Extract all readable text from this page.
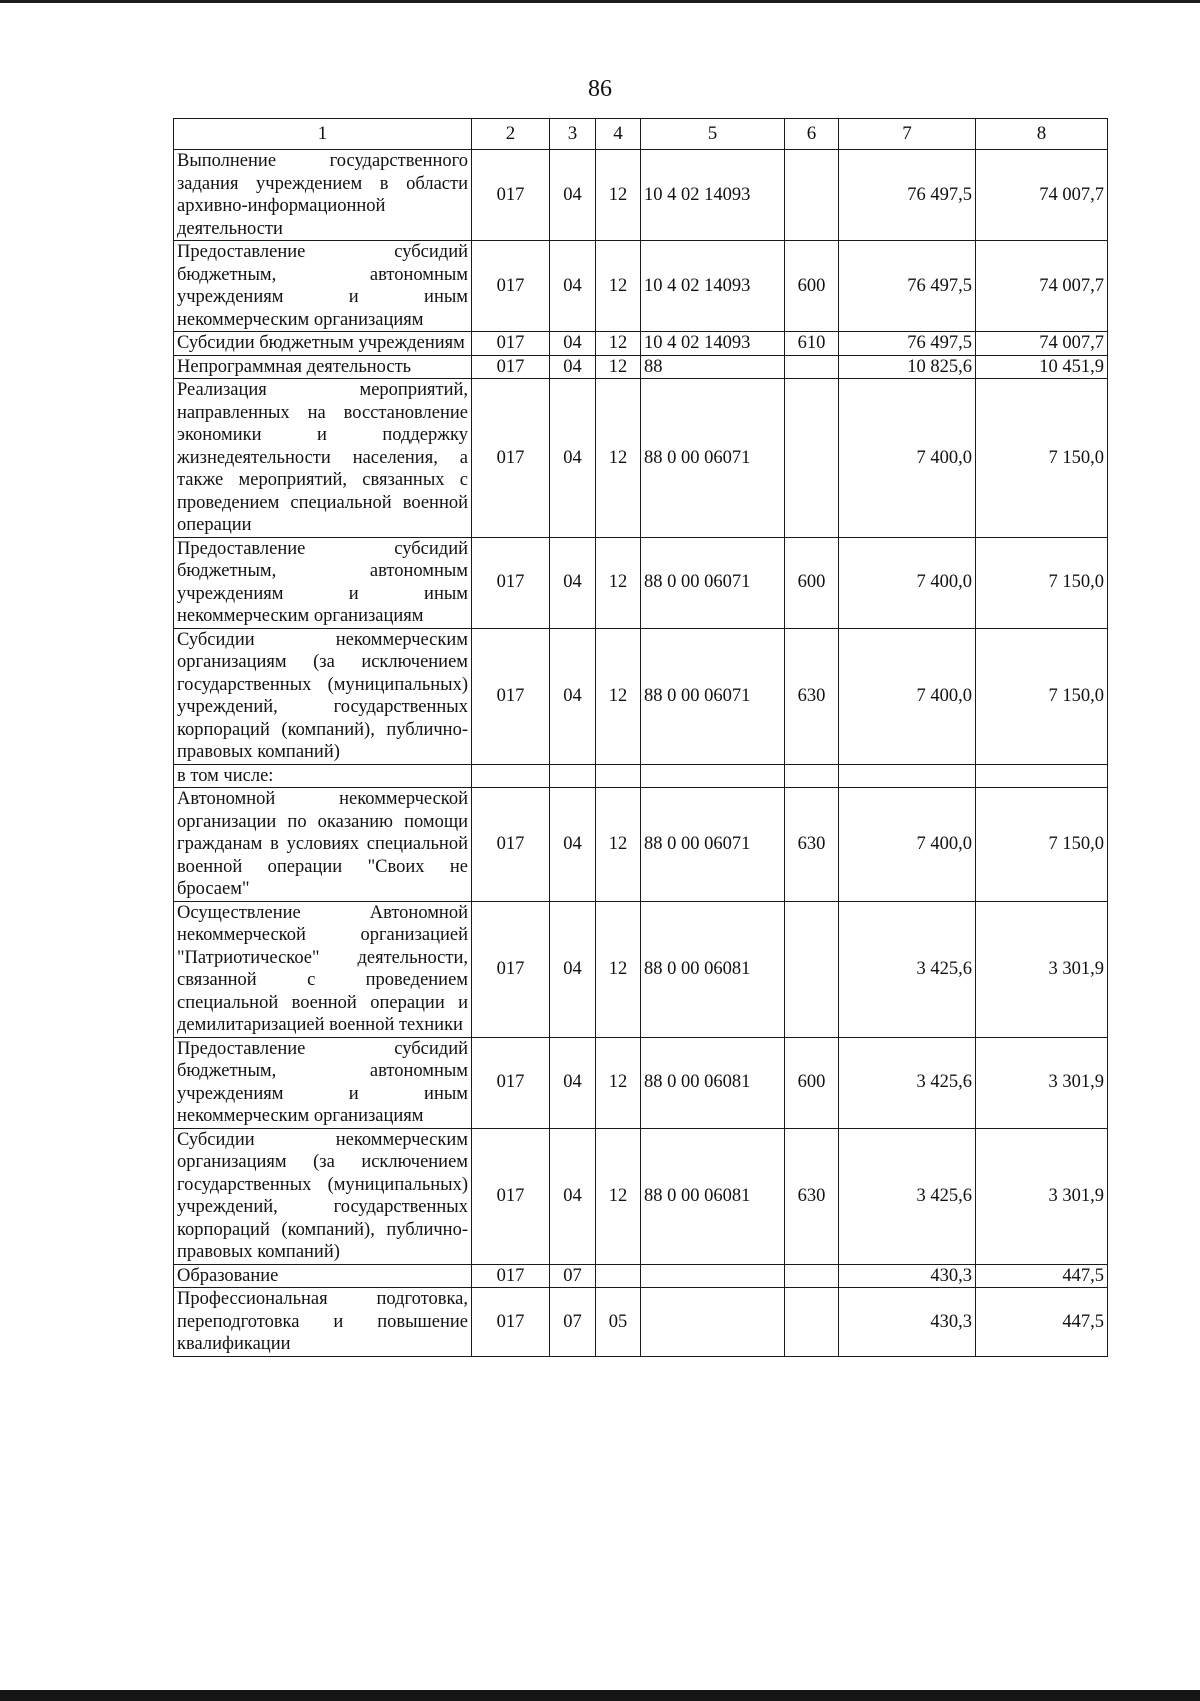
86
1	2	3	4	5	6	7	8
Выполнение государственного задания учреждением в области архивно-информационной деятельности	017	04	12	10 4 02 14093		76 497,5	74 007,7
Предоставление субсидий бюджетным, автономным учреждениям и иным некоммерческим организациям	017	04	12	10 4 02 14093	600	76 497,5	74 007,7
Субсидии бюджетным учреждениям	017	04	12	10 4 02 14093	610	76 497,5	74 007,7
Непрограммная деятельность	017	04	12	88		10 825,6	10 451,9
Реализация мероприятий, направленных на восстановление экономики и поддержку жизнедеятельности населения, а также мероприятий, связанных с проведением специальной военной операции	017	04	12	88 0 00 06071		7 400,0	7 150,0
Предоставление субсидий бюджетным, автономным учреждениям и иным некоммерческим организациям	017	04	12	88 0 00 06071	600	7 400,0	7 150,0
Субсидии некоммерческим организациям (за исключением государственных (муниципальных) учреждений, государственных корпораций (компаний), публично-правовых компаний)	017	04	12	88 0 00 06071	630	7 400,0	7 150,0
в том числе:							
Автономной некоммерческой организации по оказанию помощи гражданам в условиях специальной военной операции "Своих не бросаем"	017	04	12	88 0 00 06071	630	7 400,0	7 150,0
Осуществление Автономной некоммерческой организацией "Патриотическое" деятельности, связанной с проведением специальной военной операции и демилитаризацией военной техники	017	04	12	88 0 00 06081		3 425,6	3 301,9
Предоставление субсидий бюджетным, автономным учреждениям и иным некоммерческим организациям	017	04	12	88 0 00 06081	600	3 425,6	3 301,9
Субсидии некоммерческим организациям (за исключением государственных (муниципальных) учреждений, государственных корпораций (компаний), публично-правовых компаний)	017	04	12	88 0 00 06081	630	3 425,6	3 301,9
Образование	017	07				430,3	447,5
Профессиональная подготовка, переподготовка и повышение квалификации	017	07	05			430,3	447,5
